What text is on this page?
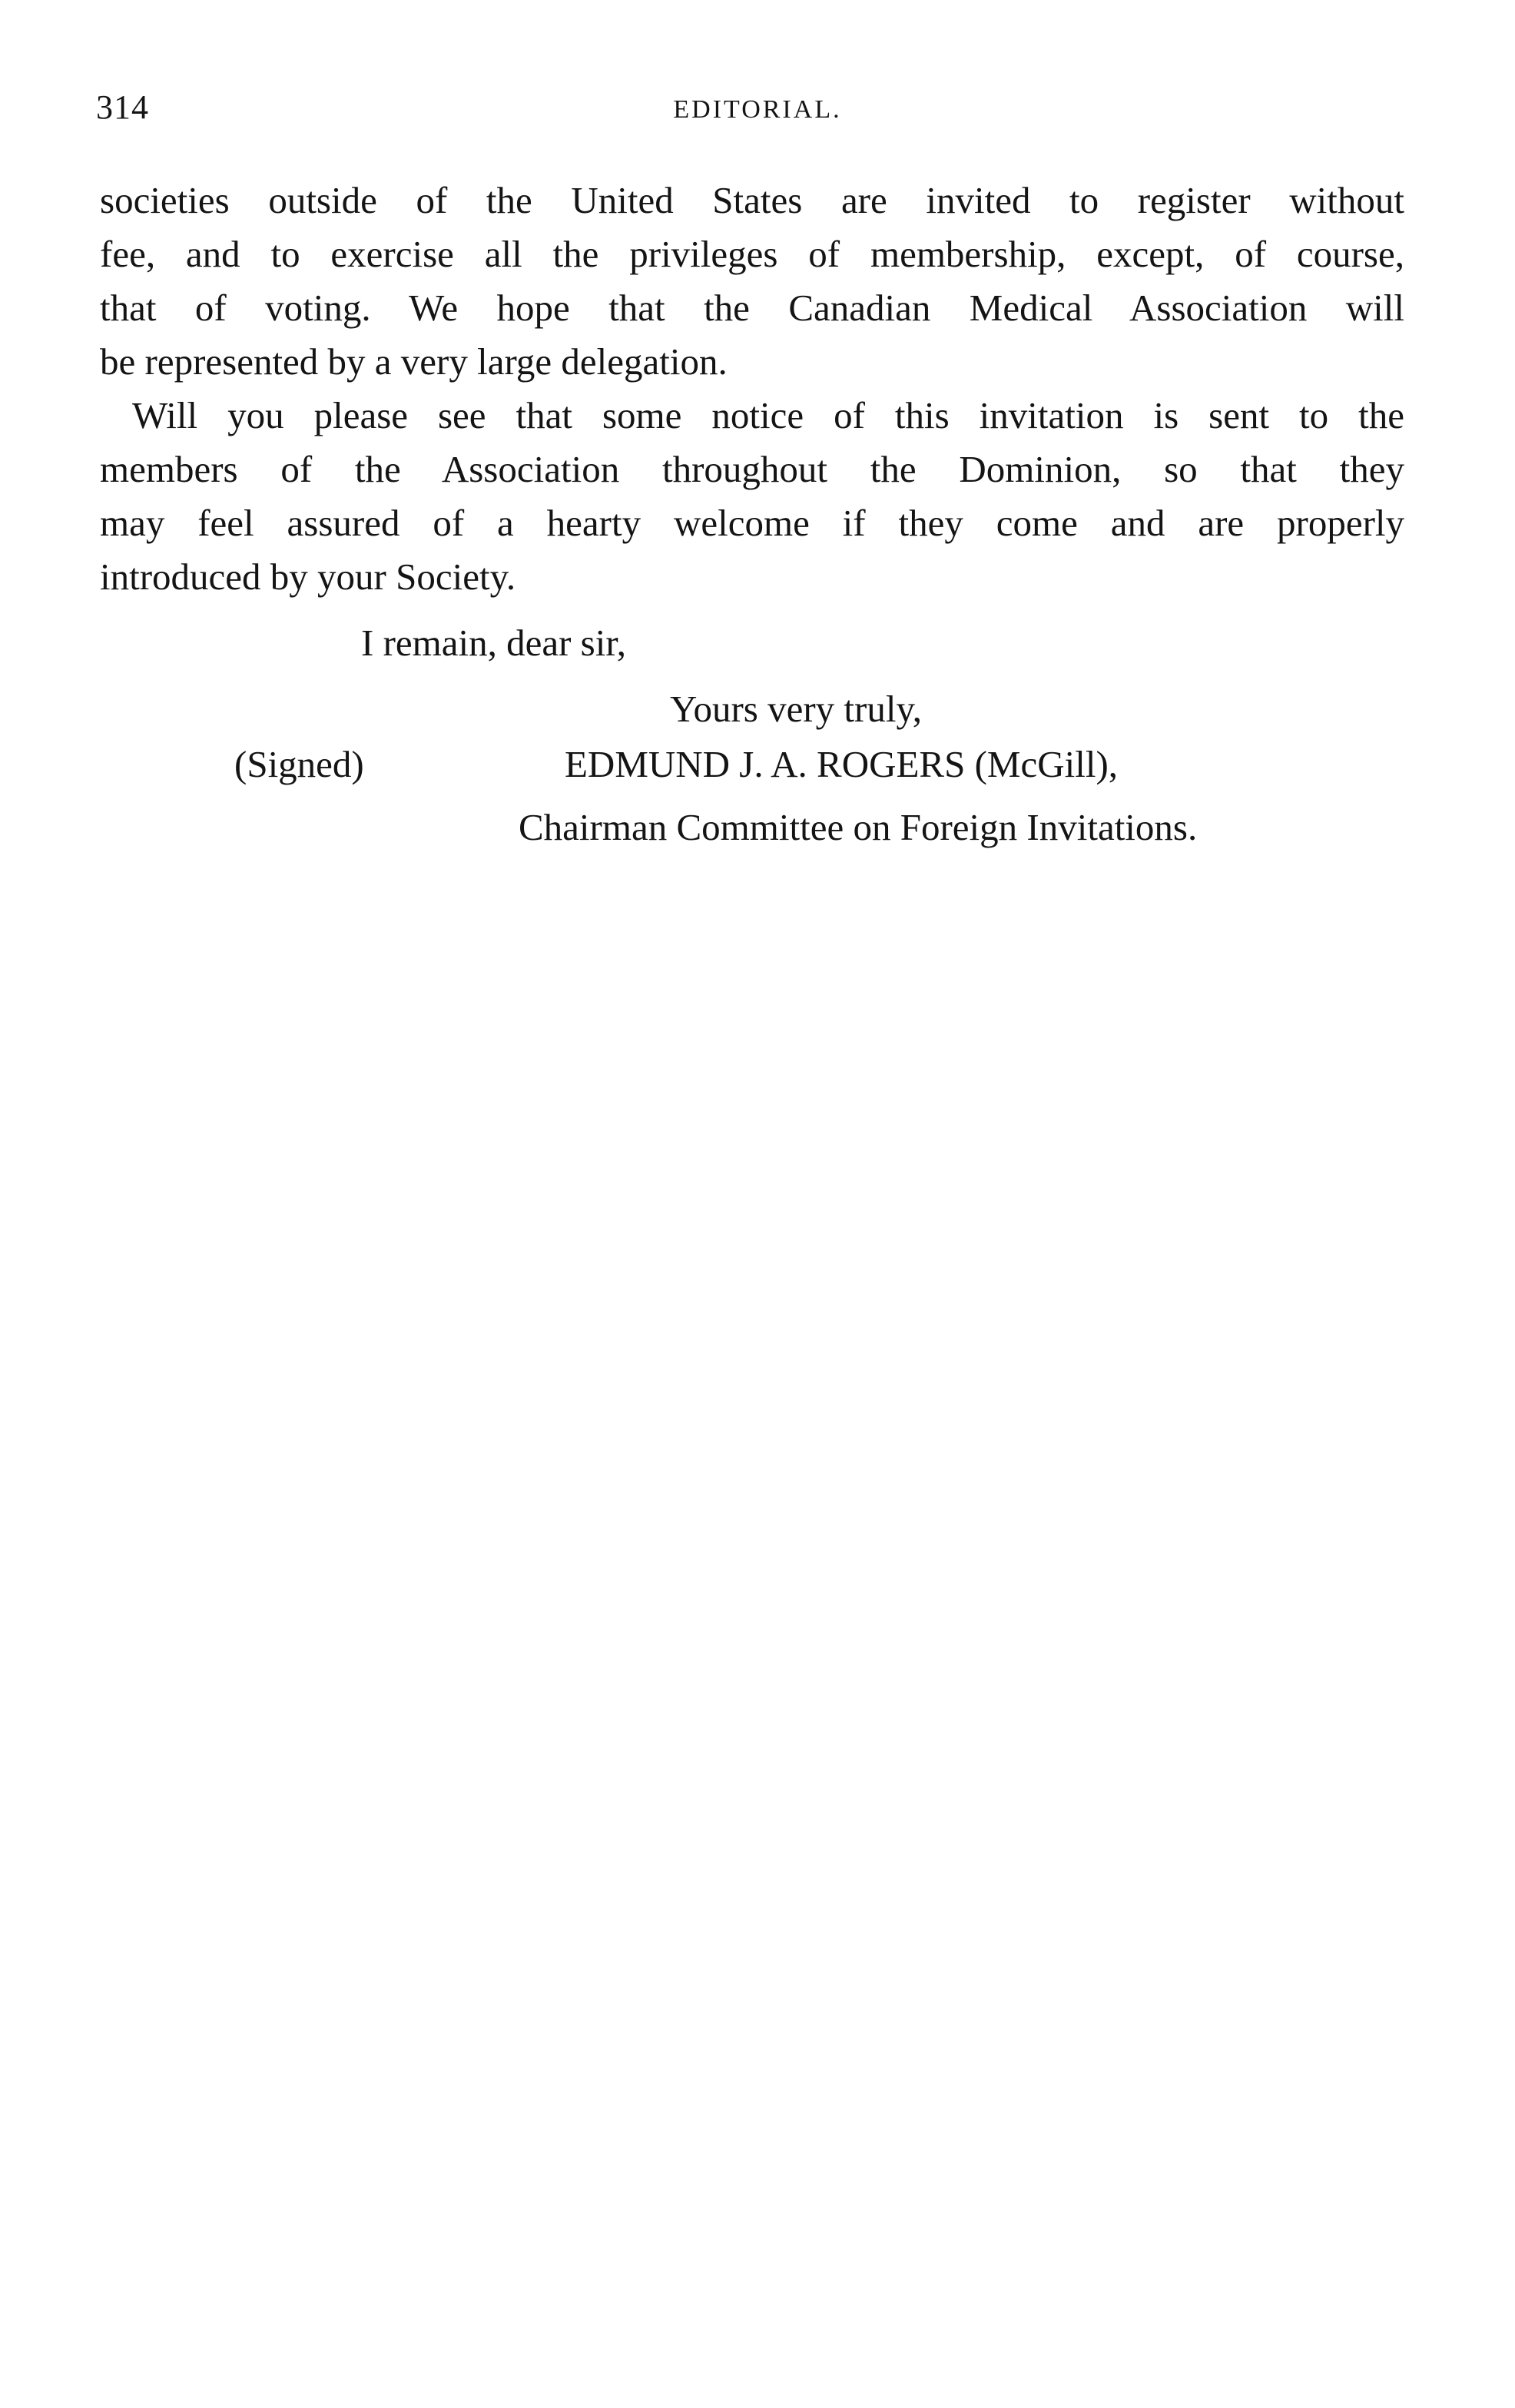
314	EDITORIAL.
societies outside of the United States are invited to register without
fee, and to exercise all the privileges of membership, except, of course,
that of voting. We hope that the Canadian Medical Association will
be represented by a very large delegation.
Will you please see that some notice of this invitation is sent to the
members of the Association throughout the Dominion, so that they
may feel assured of a hearty welcome if they come and are properly
introduced by your Society.
I remain, dear sir,
Yours very truly,
(Signed)	EDMUND J. A. ROGERS (McGill),
Chairman Committee on Foreign Invitations.
